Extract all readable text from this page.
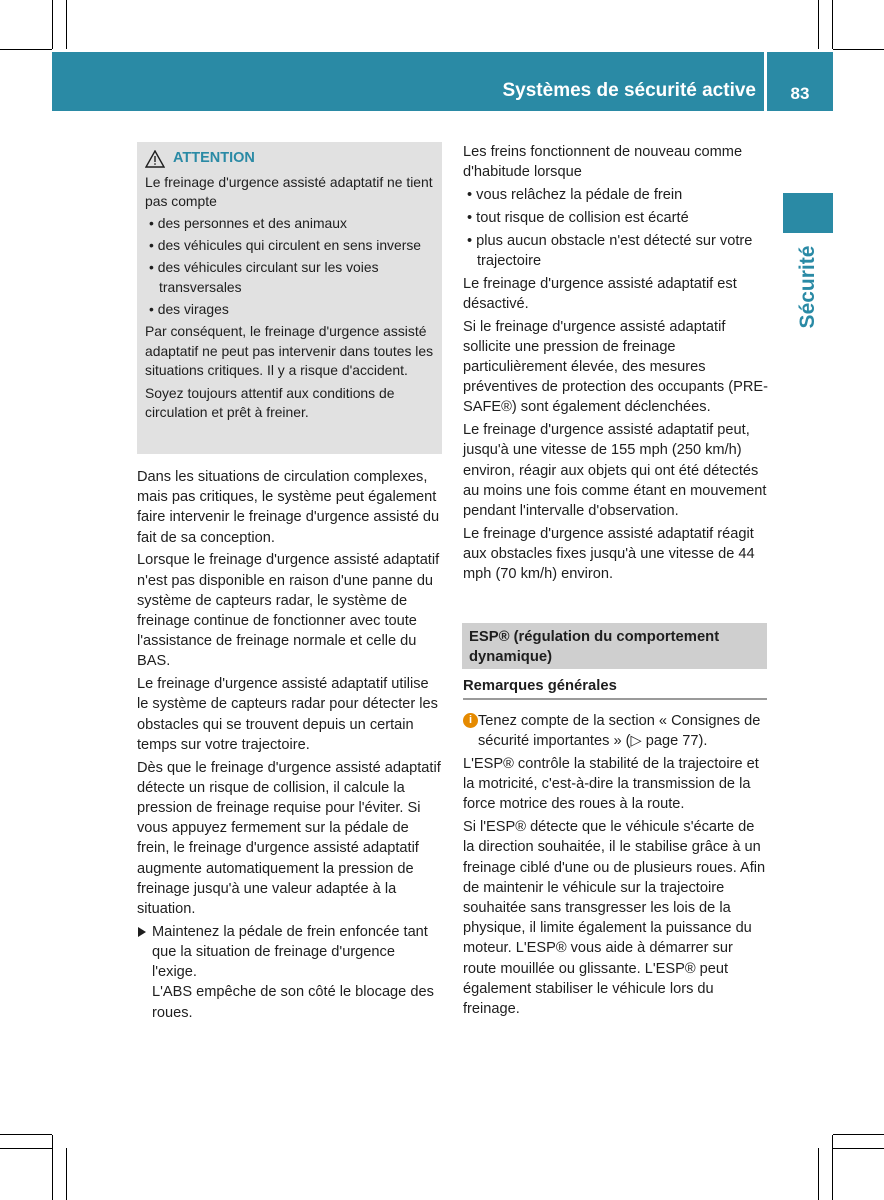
Systèmes de sécurité active	83
Sécurité

ATTENTION

Le freinage d'urgence assisté adaptatif ne tient pas compte

• des personnes et des animaux

• des véhicules qui circulent en sens inverse

• des véhicules circulant sur les voies transversales

• des virages

Par conséquent, le freinage d'urgence assisté adaptatif ne peut pas intervenir dans toutes les situations critiques. Il y a risque d'accident.

Soyez toujours attentif aux conditions de circulation et prêt à freiner.

Dans les situations de circulation complexes, mais pas critiques, le système peut également faire intervenir le freinage d'urgence assisté du fait de sa conception.

Lorsque le freinage d'urgence assisté adaptatif n'est pas disponible en raison d'une panne du système de capteurs radar, le système de freinage continue de fonctionner avec toute l'assistance de freinage normale et celle du BAS.

Le freinage d'urgence assisté adaptatif utilise le système de capteurs radar pour détecter les obstacles qui se trouvent depuis un certain temps sur votre trajectoire.

Dès que le freinage d'urgence assisté adaptatif détecte un risque de collision, il calcule la pression de freinage requise pour l'éviter. Si vous appuyez fermement sur la pédale de frein, le freinage d'urgence assisté adaptatif augmente automatiquement la pression de freinage jusqu'à une valeur adaptée à la situation.

Maintenez la pédale de frein enfoncée tant que la situation de freinage d'urgence l'exige.
L'ABS empêche de son côté le blocage des roues.

Les freins fonctionnent de nouveau comme d'habitude lorsque

• vous relâchez la pédale de frein

• tout risque de collision est écarté

• plus aucun obstacle n'est détecté sur votre trajectoire

Le freinage d'urgence assisté adaptatif est désactivé.

Si le freinage d'urgence assisté adaptatif sollicite une pression de freinage particulièrement élevée, des mesures préventives de protection des occupants (PRE-SAFE®) sont également déclenchées.

Le freinage d'urgence assisté adaptatif peut, jusqu'à une vitesse de 155 mph (250 km/h) environ, réagir aux objets qui ont été détectés au moins une fois comme étant en mouvement pendant l'intervalle d'observation.

Le freinage d'urgence assisté adaptatif réagit aux obstacles fixes jusqu'à une vitesse de 44 mph (70 km/h) environ.

ESP® (régulation du comportement dynamique)
Remarques générales

i Tenez compte de la section « Consignes de sécurité importantes » (▷ page 77).

L'ESP® contrôle la stabilité de la trajectoire et la motricité, c'est-à-dire la transmission de la force motrice des roues à la route.

Si l'ESP® détecte que le véhicule s'écarte de la direction souhaitée, il le stabilise grâce à un freinage ciblé d'une ou de plusieurs roues. Afin de maintenir le véhicule sur la trajectoire souhaitée sans transgresser les lois de la physique, il limite également la puissance du moteur. L'ESP® vous aide à démarrer sur route mouillée ou glissante. L'ESP® peut également stabiliser le véhicule lors du freinage.
